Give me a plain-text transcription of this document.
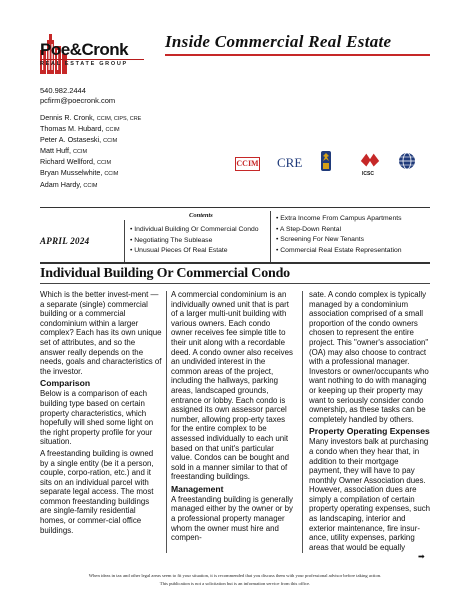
Poe&Cronk
REAL ESTATE GROUP
Inside Commercial Real Estate
540.982.2444
pcfirm@poecronk.com
Dennis R. Cronk, CCIM, CIPS, CRE
Thomas M. Hubard, CCIM
Peter A. Ostaseski, CCIM
Matt Huff, CCIM
Richard Wellford, CCIM
Bryan Musselwhite, CCIM
Adam Hardy, CCIM
CCIM CRE
ICSC
Contents
APRIL 2024
• Individual Building Or Commercial Condo
• Negotiating The Sublease
• Unusual Pieces Of Real Estate
• Extra Income From Campus Apartments
• A Step-Down Rental
• Screening For New Tenants
• Commercial Real Estate Representation
Individual Building Or Commercial Condo

Which is the better invest-ment — a separate (single) commercial building or a commercial condominium within a larger complex? Each has its own unique set of attributes, and so the answer really depends on the needs, goals and characteristics of the investor.

Comparison

Below is a comparison of each building type based on certain property characteristics, which hopefully will shed some light on the right property profile for your situation.

A freestanding building is owned by a single entity (be it a person, couple, corpo-ration, etc.) and it sits on an individual parcel with separate legal access. The most common freestanding buildings are single-family residential homes, or commer-cial office buildings.

A commercial condominium is an individually owned unit that is part of a larger multi-unit building with various owners. Each condo owner receives fee simple title to their unit along with a recordable deed. A condo owner also receives an undivided interest in the common areas of the project, including the hallways, parking areas, landscaped grounds, entrance or lobby. Each condo is assigned its own assessor parcel number, allowing prop-erty taxes for the entire complex to be assessed individually to each unit based on that unit's particular value. Condos can be bought and sold in a manner similar to that of freestanding buildings.

Management

A freestanding building is generally managed either by the owner or by a professional property manager whom the owner must hire and compen-

sate. A condo complex is typically managed by a condominium association comprised of a small proportion of the condo owners chosen to represent the entire project. This "owner's association" (OA) may also choose to contract with a professional manager. Investors or owner/occupants who want nothing to do with managing or keeping up their property may want to seriously consider condo ownership, as these tasks can be completely handled by others.

Property Operating Expenses

Many investors balk at purchasing a condo when they hear that, in addition to their mortgage payment, they will have to pay monthly Owner Association dues. However, association dues are simply a compilation of certain property operating expenses, such as landscaping, interior and exterior maintenance, fire insur-ance, utility expenses, parking areas that would be equally

➡
When ideas in tax and other legal areas seem to fit your situation, it is recommended that you discuss them with your professional advisor before taking action.
This publication is not a solicitation but is an information service from this office.
